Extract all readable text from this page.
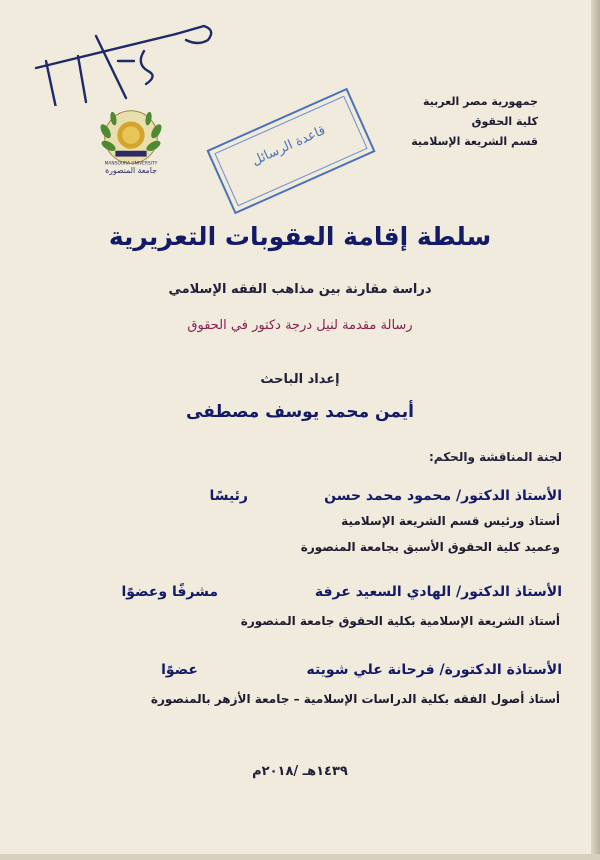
قاعدة الرسائل
MANSOURA UNIVERSITY
جامعة المنصورة
جمهورية مصر العربية
كلية الحقوق
قسم الشريعة الإسلامية
سلطة إقامة العقوبات التعزيرية
دراسة مقارنة بين مذاهب الفقه الإسلامي
رسالة مقدمة لنيل درجة دكتور في الحقوق
إعداد الباحث
أيمن محمد يوسف مصطفى
لجنة المناقشة والحكم:
الأستاذ الدكتور/ محمود محمد حسن
رئيسًا
أستاذ ورئيس قسم الشريعة الإسلامية
وعميد كلية الحقوق الأسبق بجامعة المنصورة
الأستاذ الدكتور/ الهادي السعيد عرفة
مشرفًا وعضوًا
أستاذ الشريعة الإسلامية بكلية الحقوق جامعة المنصورة
الأستاذة الدكتورة/ فرحانة علي شويته
عضوًا
أستاذ أصول الفقه بكلية الدراسات الإسلامية – جامعة الأزهر بالمنصورة
١٤٣٩هـ /٢٠١٨م
